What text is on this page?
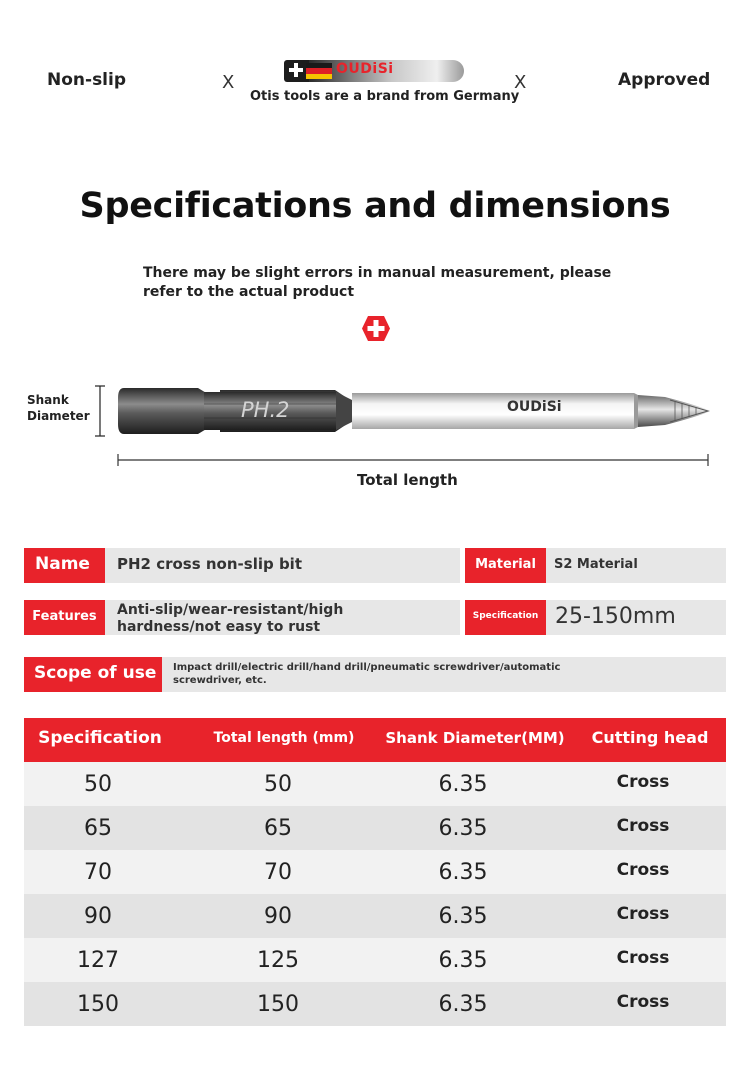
Non-slip	X
OUDiSi
Otis tools are a brand from Germany
X	Approved
Specifications and dimensions
There may be slight errors in manual measurement, please refer to the actual product
Shank Diameter	PH.2	OUDiSi
Total length
Name	PH2 cross non-slip bit	Material	S2 Material
Features	Anti-slip/wear-resistant/high hardness/not easy to rust
Specification 25-150mm
Scope of use	Impact drill/electric drill/hand drill/pneumatic screwdriver/automatic screwdriver, etc.
Specification	Total length (mm)	Shank Diameter(MM)	Cutting head
50	50	6.35	Cross
65	65	6.35	Cross
70	70	6.35	Cross
90	90	6.35	Cross
127	125	6.35	Cross
150	150	6.35	Cross
